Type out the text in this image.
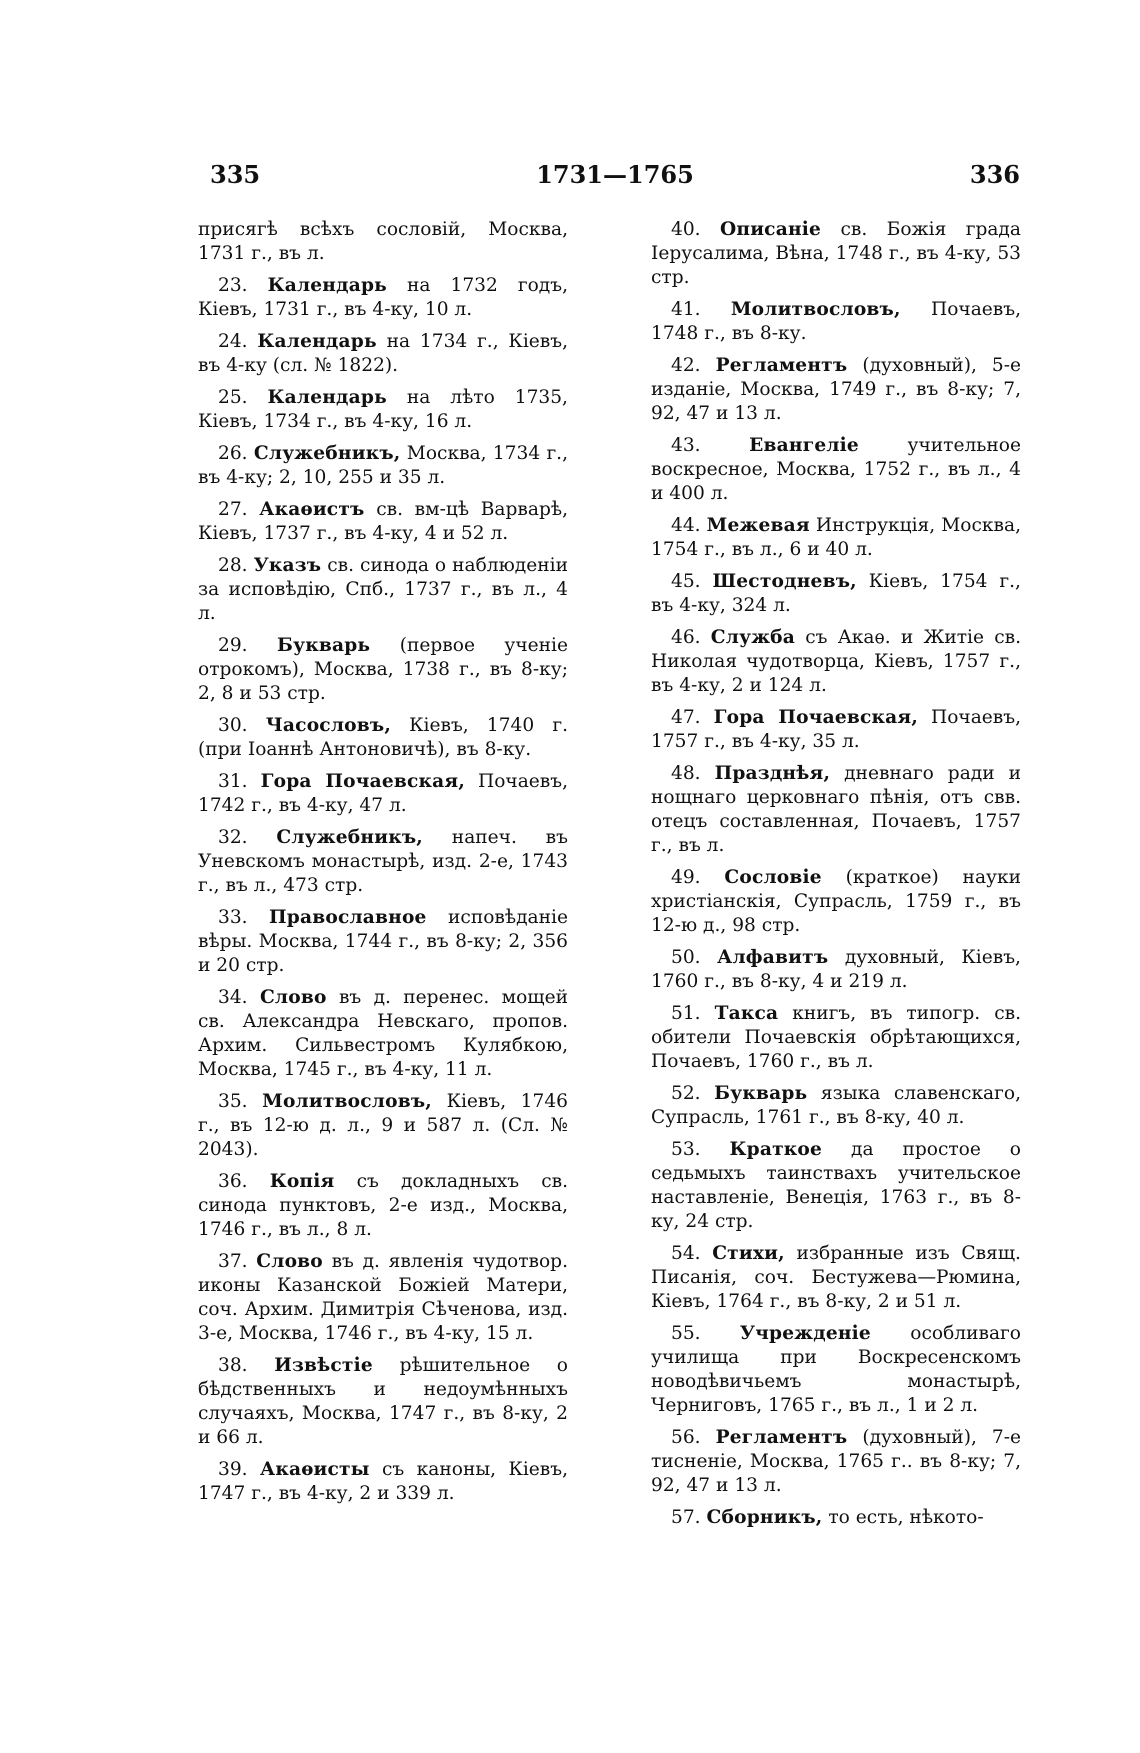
335	1731—1765	336

присягѣ всѣхъ сословій, Москва, 1731 г., въ л.

23. Календарь на 1732 годъ, Кіевъ, 1731 г., въ 4-ку, 10 л.

24. Календарь на 1734 г., Кіевъ, въ 4-ку (сл. № 1822).

25. Календарь на лѣто 1735, Кіевъ, 1734 г., въ 4-ку, 16 л.

26. Служебникъ, Москва, 1734 г., въ 4-ку; 2, 10, 255 и 35 л.

27. Акаѳистъ св. вм-цѣ Варварѣ, Кіевъ, 1737 г., въ 4-ку, 4 и 52 л.

28. Указъ св. синода о наблюденіи за исповѣдію, Спб., 1737 г., въ л., 4 л.

29. Букварь (первое ученіе отрокомъ), Москва, 1738 г., въ 8-ку; 2, 8 и 53 стр.

30. Часословъ, Кіевъ, 1740 г. (при Іоаннѣ Антоновичѣ), въ 8-ку.

31. Гора Почаевская, Почаевъ, 1742 г., въ 4-ку, 47 л.

32. Служебникъ, напеч. въ Уневскомъ монастырѣ, изд. 2-е, 1743 г., въ л., 473 стр.

33. Православное исповѣданіе вѣры. Москва, 1744 г., въ 8-ку; 2, 356 и 20 стр.

34. Слово въ д. перенес. мощей св. Александра Невскаго, пропов. Архим. Сильвестромъ Кулябкою, Москва, 1745 г., въ 4-ку, 11 л.

35. Молитвословъ, Кіевъ, 1746 г., въ 12-ю д. л., 9 и 587 л. (Сл. № 2043).

36. Копія съ докладныхъ св. синода пунктовъ, 2-е изд., Москва, 1746 г., въ л., 8 л.

37. Слово въ д. явленія чудотвор. иконы Казанской Божіей Матери, соч. Архим. Димитрія Сѣченова, изд. 3-е, Москва, 1746 г., въ 4-ку, 15 л.

38. Извѣстіе рѣшительное о бѣдственныхъ и недоумѣнныхъ случаяхъ, Москва, 1747 г., въ 8-ку, 2 и 66 л.

39. Акаѳисты съ каноны, Кіевъ, 1747 г., въ 4-ку, 2 и 339 л.

40. Описаніе св. Божія града Іерусалима, Вѣна, 1748 г., въ 4-ку, 53 стр.

41. Молитвословъ, Почаевъ, 1748 г., въ 8-ку.

42. Регламентъ (духовный), 5-е изданіе, Москва, 1749 г., въ 8-ку; 7, 92, 47 и 13 л.

43.	Евангеліе	учительное воскресное, Москва, 1752 г., въ л., 4 и 400 л.

44. Межевая Инструкція, Москва, 1754 г., въ л., 6 и 40 л.

45. Шестодневъ, Кіевъ, 1754 г., въ 4-ку, 324 л.

46. Служба съ Акаѳ. и Житіе св. Николая чудотворца, Кіевъ, 1757 г., въ 4-ку, 2 и 124 л.

47. Гора Почаевская, Почаевъ, 1757 г., въ 4-ку, 35 л.

48. Празднѣя, дневнаго ради и нощнаго церковнаго пѣнія, отъ свв. отецъ составленная, Почаевъ, 1757 г., въ л.

49. Сословіе (краткое) науки христіанскія, Супрасль, 1759 г., въ 12-ю д., 98 стр.

50. Алфавитъ духовный, Кіевъ, 1760 г., въ 8-ку, 4 и 219 л.

51. Такса книгъ, въ типогр. св. обители Почаевскія обрѣтающихся, Почаевъ, 1760 г., въ л.

52. Букварь языка славенскаго, Супрасль, 1761 г., въ 8-ку, 40 л.

53. Краткое да простое о седьмыхъ таинствахъ учительское наставленіе, Венеція, 1763 г., въ 8-ку, 24 стр.

54. Стихи, избранные изъ Свящ. Писанія, соч. Бестужева—Рюмина, Кіевъ, 1764 г., въ 8-ку, 2 и 51 л.

55. Учрежденіе особливаго училища при Воскресенскомъ новодѣвичьемъ монастырѣ, Черниговъ, 1765 г., въ л., 1 и 2 л.

56. Регламентъ (духовный), 7-е тисненіе, Москва, 1765 г.. въ 8-ку; 7, 92, 47 и 13 л.

57. Сборникъ, то есть, нѣкото-
